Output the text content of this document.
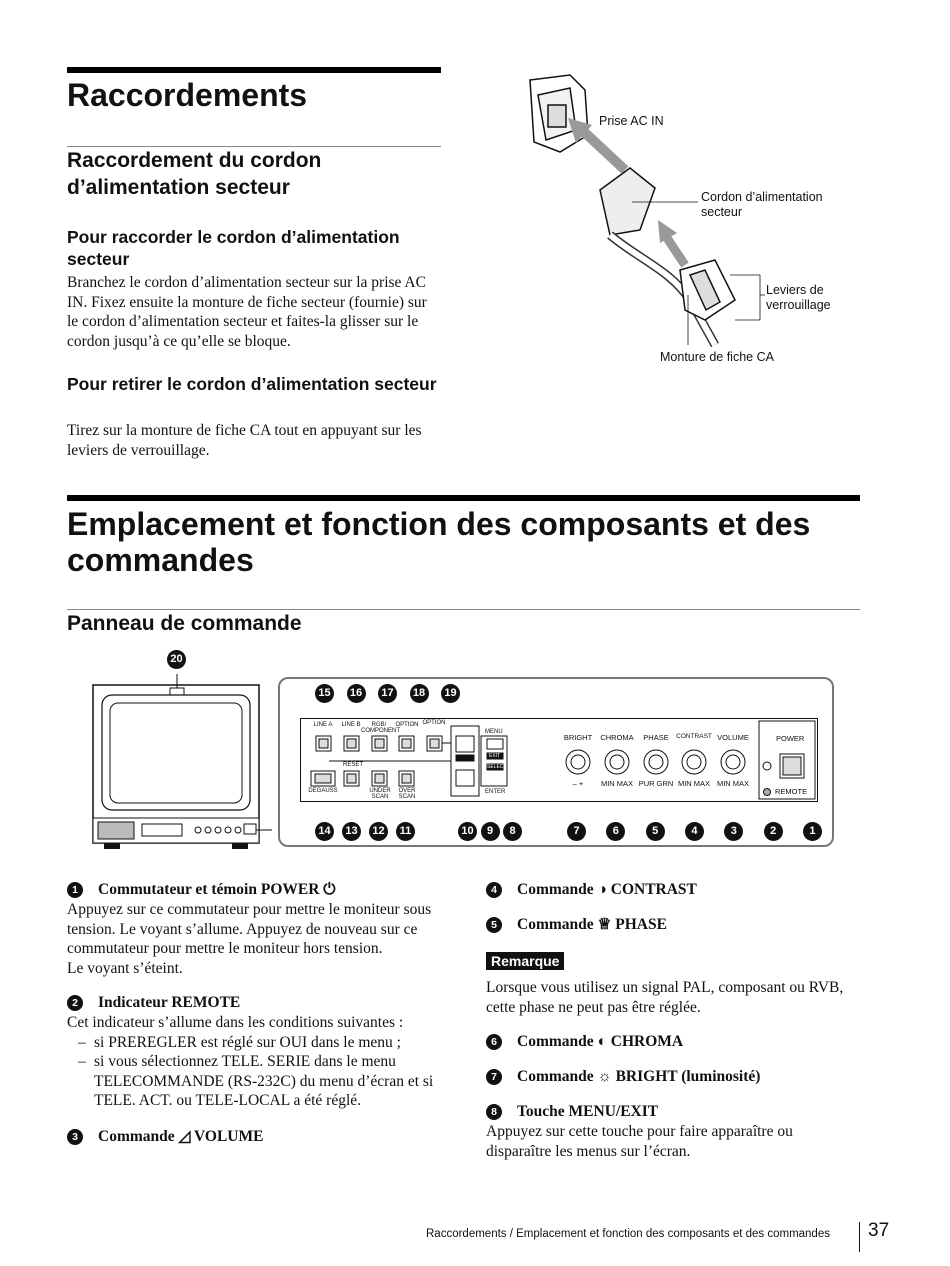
Raccordements
Raccordement du cordon d’alimentation secteur
Pour raccorder le cordon d’alimentation secteur

Branchez le cordon d’alimentation secteur sur la prise AC IN. Fixez ensuite la monture de fiche secteur (fournie) sur le cordon d’alimentation secteur et faites-la glisser sur le cordon jusqu’à ce qu’elle se bloque.

Pour retirer le cordon d’alimentation secteur

Tirez sur la monture de fiche CA tout en appuyant sur les leviers de verrouillage.

Prise AC IN
Cordon d’alimentation secteur
Leviers de verrouillage
Monture de fiche CA
Emplacement et fonction des composants et des commandes
Panneau de commande
20
15	16	17	18	19
LINE A LINE B	RGB/ COMPONENT
OPTION OPTION
DEGAUSS
RESET
UNDER SCAN
OVER SCAN
MENU
EXIT
SELECT
ENTER
BRIGHT	CHROMA	PHASE	CONTRAST VOLUME
– +	MIN MAX PUR GRN MIN MAX MIN MAX
POWER
REMOTE
14	13	12	11	10	9	8	7	6	5	4	3	2	1
1	Commutateur et témoin POWER ⏻
Appuyez sur ce commutateur pour mettre le moniteur sous tension. Le voyant s’allume. Appuyez de nouveau sur ce commutateur pour mettre le moniteur hors tension.
Le voyant s’éteint.
2	Indicateur REMOTE
Cet indicateur s’allume dans les conditions suivantes :
– si PREREGLER est réglé sur OUI dans le menu ;
– si vous sélectionnez TELE. SERIE dans le menu TELECOMMANDE (RS-232C) du menu d’écran et si TELE. ACT. ou TELE-LOCAL a été réglé.
3	Commande ◿ VOLUME
4	Commande ◑ CONTRAST
5	Commande ♕ PHASE
Remarque
Lorsque vous utilisez un signal PAL, composant ou RVB, cette phase ne peut pas être réglée.
6	Commande ◐ CHROMA
7	Commande ☼ BRIGHT (luminosité)
8	Touche MENU/EXIT
Appuyez sur cette touche pour faire apparaître ou disparaître les menus sur l’écran.
Raccordements / Emplacement et fonction des composants et des commandes 37
